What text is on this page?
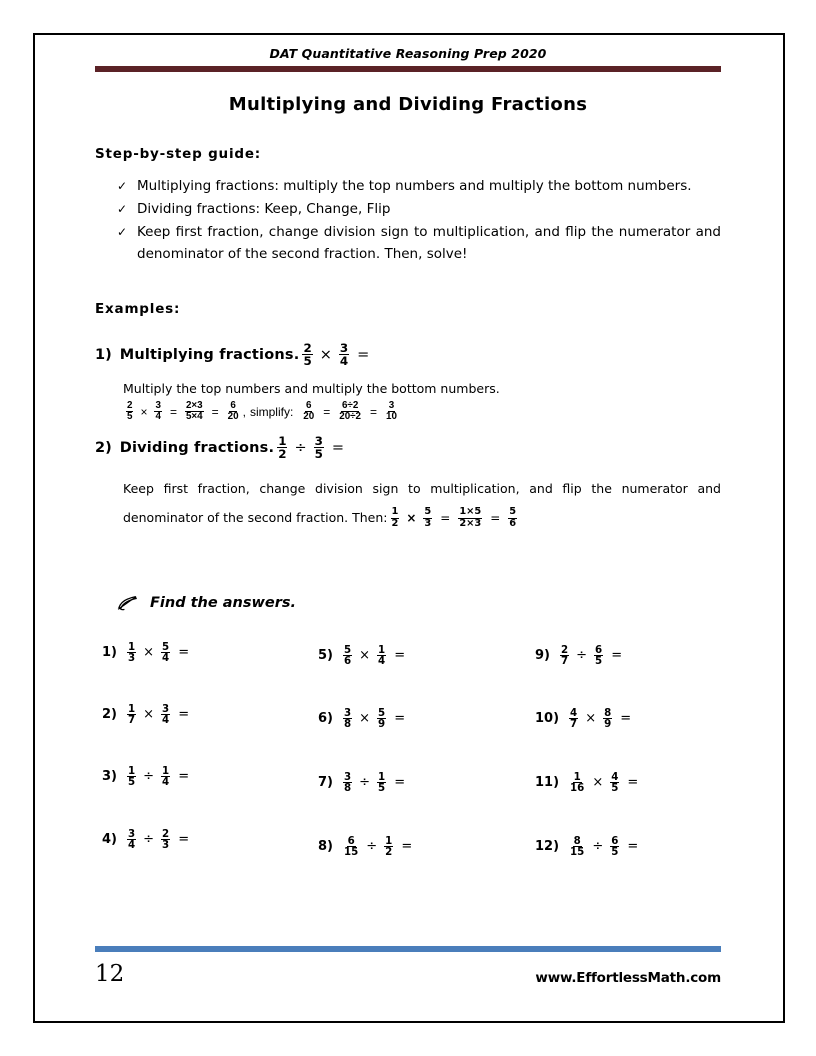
DAT Quantitative Reasoning Prep 2020
Multiplying and Dividing Fractions
Step-by-step guide:
✓ Multiplying fractions: multiply the top numbers and multiply the bottom numbers.
✓ Dividing fractions: Keep, Change, Flip
✓ Keep first fraction, change division sign to multiplication, and flip the numerator and denominator of the second fraction. Then, solve!
Examples:
1) Multiplying fractions. $\frac{2}{5} \times \frac{3}{4}$ =
Multiply the top numbers and multiply the bottom numbers.
$\frac{2}{5} \times \frac{3}{4} = \frac{2\times 3}{5\times 4} = \frac{6}{20}$ , simplify: $\frac{6}{20} = \frac{6\div 2}{20\div 2} = \frac{3}{10}$
2) Dividing fractions. $\frac{1}{2} \div \frac{3}{5}$ =
Keep first fraction, change division sign to multiplication, and flip the numerator and denominator of the second fraction. Then: $\frac{1}{2} \times \frac{5}{3} = \frac{1\times 5}{2\times 3} = \frac{5}{6}$
Find the answers.
$1) \frac{1}{3} \times \frac{5}{4}$ =
$2) \frac{1}{7} \times \frac{3}{4}$ =
$3) \frac{1}{5} \div \frac{1}{4}$ =
$4) \frac{3}{4} \div \frac{2}{3}$ =
$5) \frac{5}{6} \times \frac{1}{4}$ =
$6) \frac{3}{8} \times \frac{5}{9}$ =
$7) \frac{3}{8} \div \frac{1}{5}$ =
$8) \frac{6}{15} \div \frac{1}{2}$ =
$9) \frac{2}{7} \div \frac{6}{5}$ =
$10) \frac{4}{7} \times \frac{8}{9}$ =
$11) \frac{1}{16} \times \frac{4}{5}$ =
$12) \frac{8}{15} \div \frac{6}{5}$ =
12	www.EffortlessMath.com
